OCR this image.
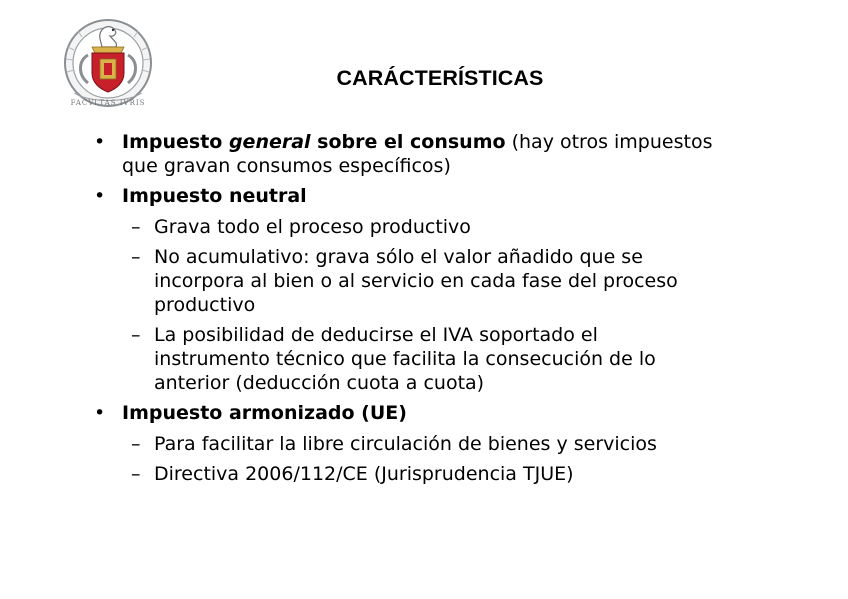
FACVLTAS IVRIS
CARÁCTERÍSTICAS
• Impuesto general sobre el consumo (hay otros impuestos
que gravan consumos específicos)
• Impuesto neutral
– Grava todo el proceso productivo
– No acumulativo: grava sólo el valor añadido que se
incorpora al bien o al servicio en cada fase del proceso
productivo
– La posibilidad de deducirse el IVA soportado el
instrumento técnico que facilita la consecución de lo
anterior (deducción cuota a cuota)
• Impuesto armonizado (UE)
– Para facilitar la libre circulación de bienes y servicios
– Directiva 2006/112/CE (Jurisprudencia TJUE)
